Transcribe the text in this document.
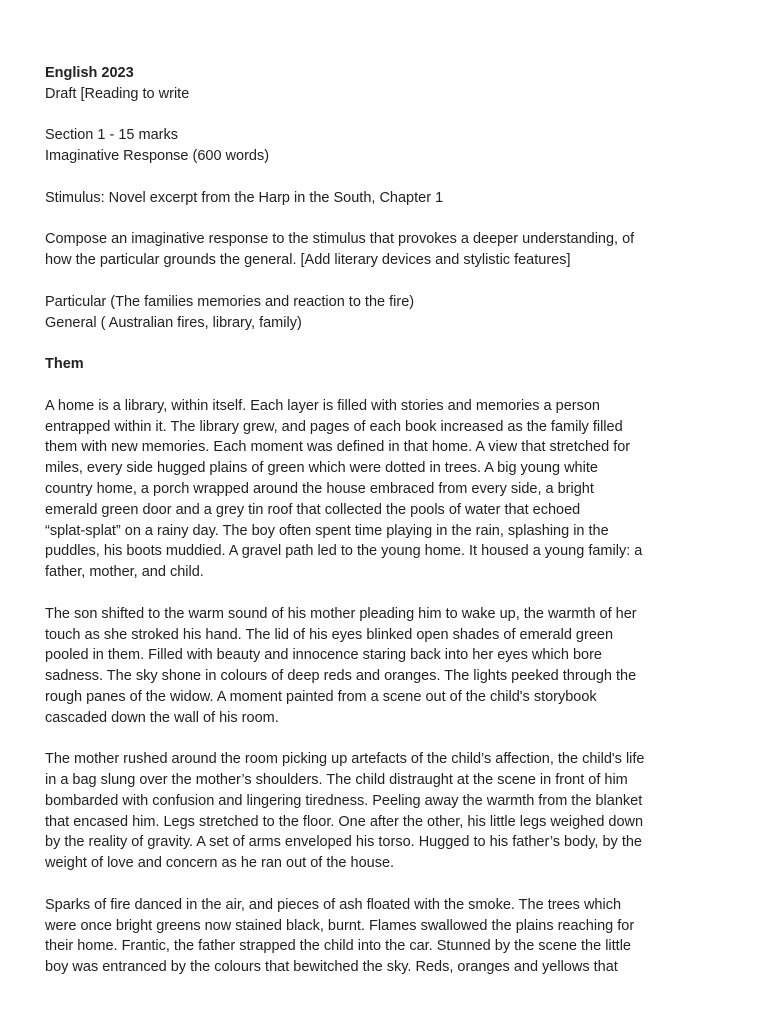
English 2023
Draft [Reading to write
Section 1 - 15 marks
Imaginative Response (600 words)
Stimulus: Novel excerpt from the Harp in the South, Chapter 1
Compose an imaginative response to the stimulus that provokes a deeper understanding, of
how the particular grounds the general. [Add literary devices and stylistic features]
Particular (The families memories and reaction to the fire)
General ( Australian fires, library, family)
Them
A home is a library, within itself. Each layer is filled with stories and memories a person
entrapped within it. The library grew, and pages of each book increased as the family filled
them with new memories. Each moment was defined in that home. A view that stretched for
miles, every side hugged plains of green which were dotted in trees. A big young white
country home, a porch wrapped around the house embraced from every side, a bright
emerald green door and a grey tin roof that collected the pools of water that echoed
“splat-splat” on a rainy day. The boy often spent time playing in the rain, splashing in the
puddles, his boots muddied. A gravel path led to the young home. It housed a young family: a
father, mother, and child.
The son shifted to the warm sound of his mother pleading him to wake up, the warmth of her
touch as she stroked his hand. The lid of his eyes blinked open shades of emerald green
pooled in them. Filled with beauty and innocence staring back into her eyes which bore
sadness. The sky shone in colours of deep reds and oranges. The lights peeked through the
rough panes of the widow. A moment painted from a scene out of the child's storybook
cascaded down the wall of his room.
The mother rushed around the room picking up artefacts of the child’s affection, the child's life
in a bag slung over the mother’s shoulders. The child distraught at the scene in front of him
bombarded with confusion and lingering tiredness. Peeling away the warmth from the blanket
that encased him. Legs stretched to the floor. One after the other, his little legs weighed down
by the reality of gravity. A set of arms enveloped his torso. Hugged to his father’s body, by the
weight of love and concern as he ran out of the house.
Sparks of fire danced in the air, and pieces of ash floated with the smoke. The trees which
were once bright greens now stained black, burnt. Flames swallowed the plains reaching for
their home. Frantic, the father strapped the child into the car. Stunned by the scene the little
boy was entranced by the colours that bewitched the sky. Reds, oranges and yellows that
